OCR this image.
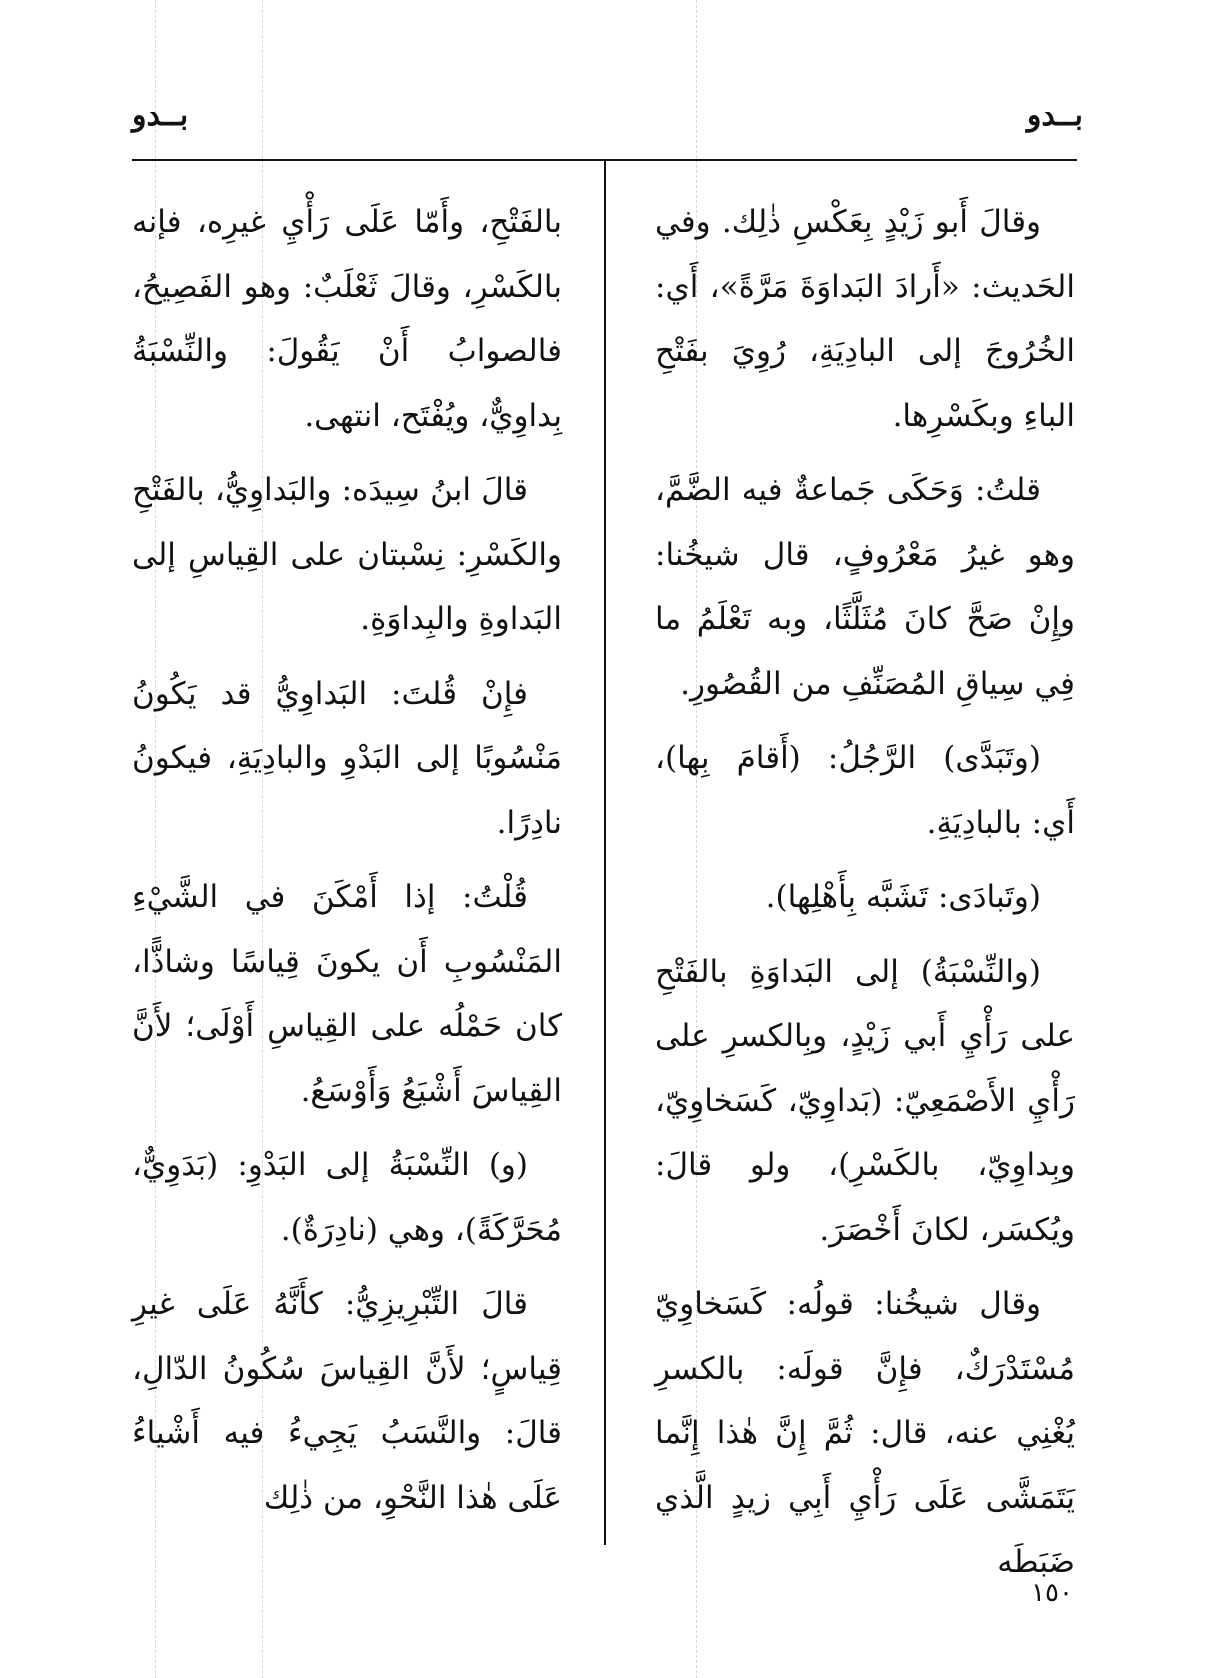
بــدو
بــدو

وقالَ أَبو زَيْدٍ بِعَكْسِ ذٰلِك. وفي الحَديث: «أَرادَ البَداوَةَ مَرَّةً»، أَي: الخُرُوجَ إلى البادِيَةِ، رُوِيَ بفَتْحِ الباءِ وبكَسْرِها.

قلتُ: وَحَكَى جَماعةٌ فيه الضَّمَّ، وهو غيرُ مَعْرُوفٍ، قال شيخُنا: وإِنْ صَحَّ كانَ مُثَلَّثًا، وبه تَعْلَمُ ما فِي سِياقِ المُصَنِّفِ من القُصُورِ.

(وتَبَدَّى) الرَّجُلُ: (أَقامَ بِها)، أَي: بالبادِيَةِ.

(وتَبادَى: تَشَبَّه بِأَهْلِها).

(والنِّسْبَةُ) إلى البَداوَةِ بالفَتْحِ على رَأْيِ أَبي زَيْدٍ، وبِالكسرِ على رَأْيِ الأَصْمَعِيّ: (بَداوِيّ، كَسَخاوِيّ، وبِداوِيّ، بالكَسْرِ)، ولو قالَ: ويُكسَر، لكانَ أَخْصَرَ.

وقال شيخُنا: قولُه: كَسَخاوِيّ مُسْتَدْرَكٌ، فإِنَّ قولَه: بالكسرِ يُغْنِي عنه، قال: ثُمَّ إِنَّ هٰذا إِنَّما يَتَمَشَّى عَلَى رَأْيِ أَبِي زيدٍ الَّذي ضَبَطَه

بالفَتْحِ، وأَمّا عَلَى رَأْيِ غيرِه، فإنه بالكَسْرِ، وقالَ ثَعْلَبٌ: وهو الفَصِيحُ، فالصوابُ أَنْ يَقُولَ: والنِّسْبَةُ بِداوِيٌّ، ويُفْتَح، انتهى.

قالَ ابنُ سِيدَه: والبَداوِيُّ، بالفَتْحِ والكَسْرِ: نِسْبتان على القِياسِ إلى البَداوةِ والبِداوَةِ.

فإِنْ قُلتَ: البَداوِيُّ قد يَكُونُ مَنْسُوبًا إلى البَدْوِ والبادِيَةِ، فيكونُ نادِرًا.

قُلْتُ: إذا أَمْكَنَ في الشَّيْءِ المَنْسُوبِ أَن يكونَ قِياسًا وشاذًّا، كان حَمْلُه على القِياسِ أَوْلَى؛ لأَنَّ القِياسَ أَشْيَعُ وَأَوْسَعُ.

(و) النِّسْبَةُ إلى البَدْوِ: (بَدَوِيٌّ، مُحَرَّكَةً)، وهي (نادِرَةٌ).

قالَ التِّبْرِيزِيُّ: كأَنَّهُ عَلَى غيرِ قِياسٍ؛ لأَنَّ القِياسَ سُكُونُ الدّالِ، قالَ: والنَّسَبُ يَجِيءُ فيه أَشْياءُ عَلَى هٰذا النَّحْوِ، من ذٰلِك

١٥٠
